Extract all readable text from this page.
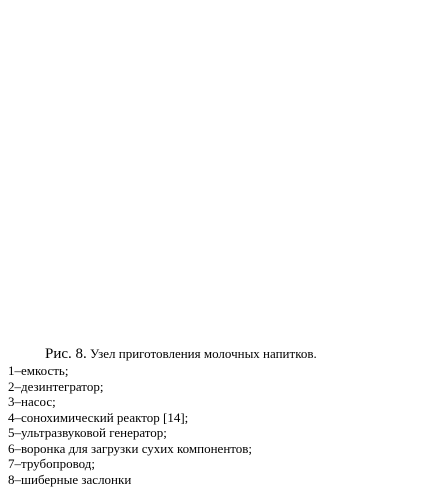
Рис. 8. Узел приготовления молочных напитков.
1–емкость;
2–дезинтегратор;
3–насос;
4–сонохимический реактор [14];
5–ультразвуковой генератор;
6–воронка для загрузки сухих компонентов;
7–трубопровод;
8–шиберные заслонки
